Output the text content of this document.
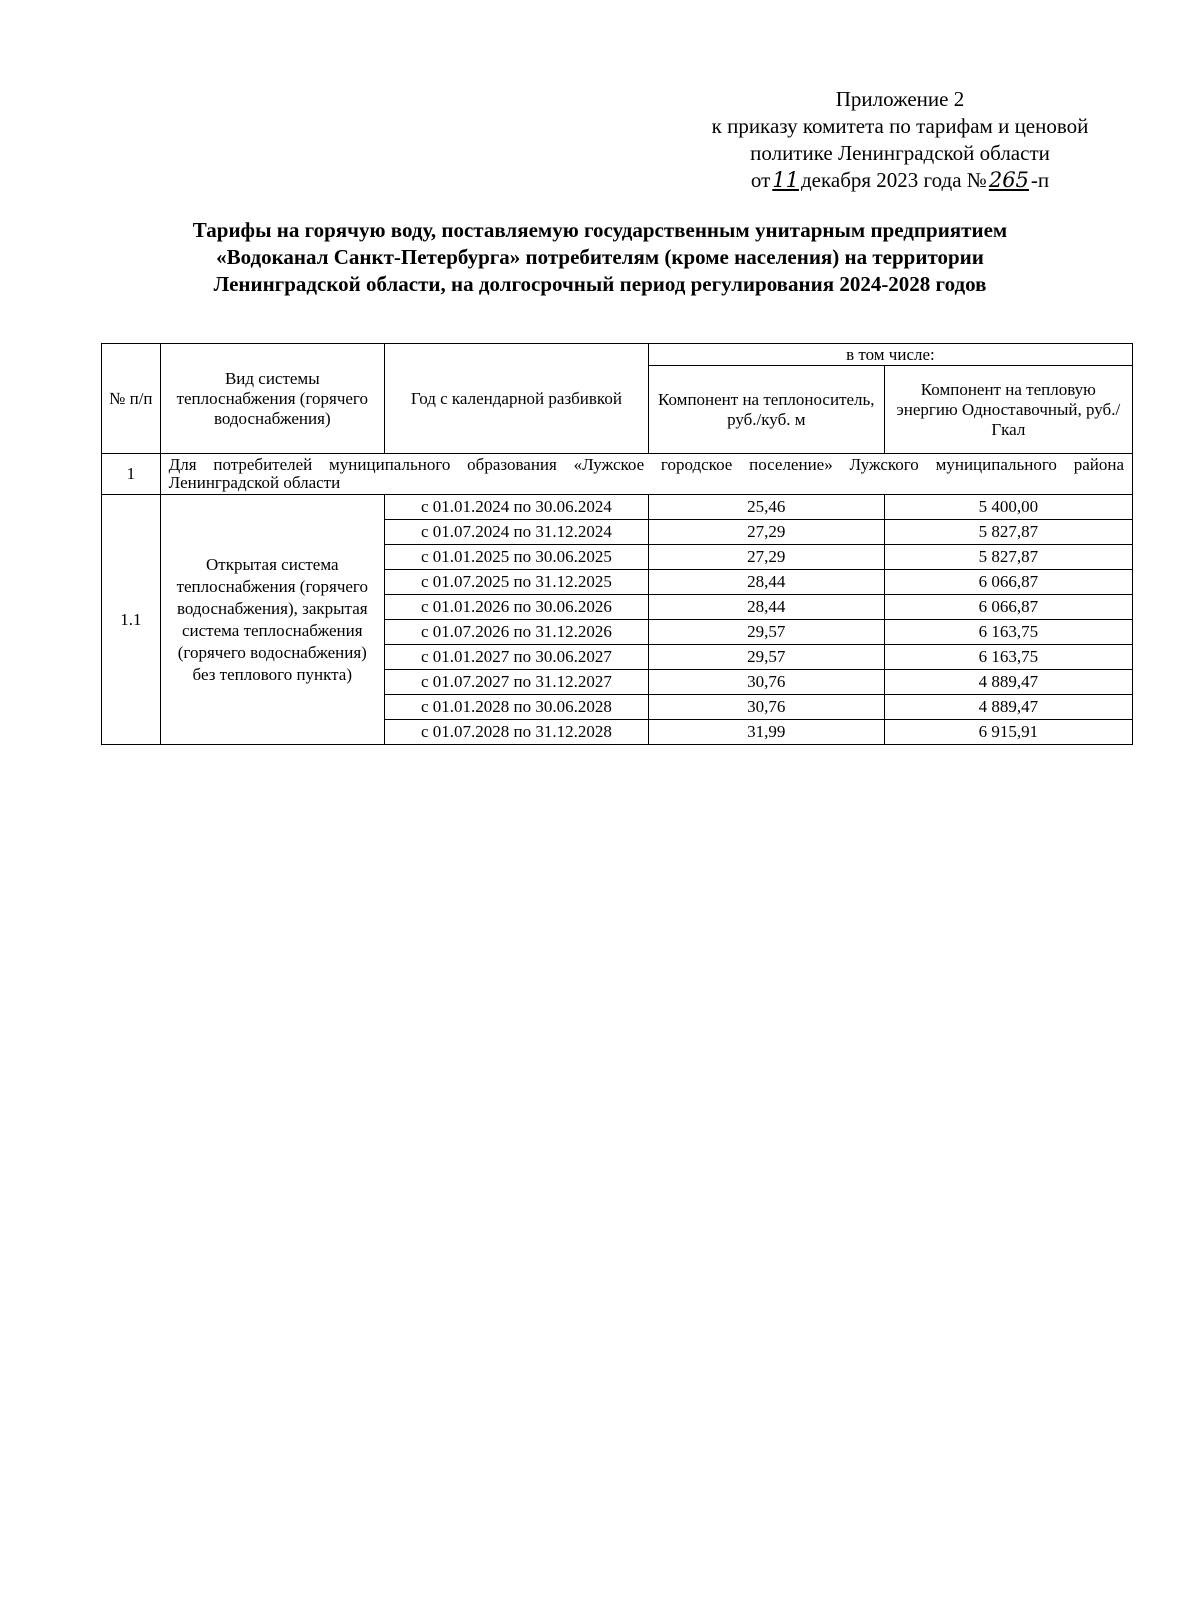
Приложение 2
к приказу комитета по тарифам и ценовой
политике Ленинградской области
от11декабря 2023 года №265-п
Тарифы на горячую воду, поставляемую государственным унитарным предприятием
«Водоканал Санкт-Петербурга» потребителям (кроме населения) на территории
Ленинградской области, на долгосрочный период регулирования 2024-2028 годов
№ п/п	Вид системы теплоснабжения (горячего водоснабжения)	Год с календарной разбивкой	в том числе:	
			Компонент на теплоноситель, руб./куб. м	Компонент на тепловую энергию Одноставочный, руб./Гкал
1	Для потребителей муниципального образования «Лужское городское поселение» Лужского муниципального района Ленинградской области			
1.1	Открытая система теплоснабжения (горячего водоснабжения), закрытая система теплоснабжения (горячего водоснабжения) без теплового пункта)	с 01.01.2024 по 30.06.2024	25,46	5 400,00
		с 01.07.2024 по 31.12.2024	27,29	5 827,87
		с 01.01.2025 по 30.06.2025	27,29	5 827,87
		с 01.07.2025 по 31.12.2025	28,44	6 066,87
		с 01.01.2026 по 30.06.2026	28,44	6 066,87
		с 01.07.2026 по 31.12.2026	29,57	6 163,75
		с 01.01.2027 по 30.06.2027	29,57	6 163,75
		с 01.07.2027 по 31.12.2027	30,76	4 889,47
		с 01.01.2028 по 30.06.2028	30,76	4 889,47
		с 01.07.2028 по 31.12.2028	31,99	6 915,91
